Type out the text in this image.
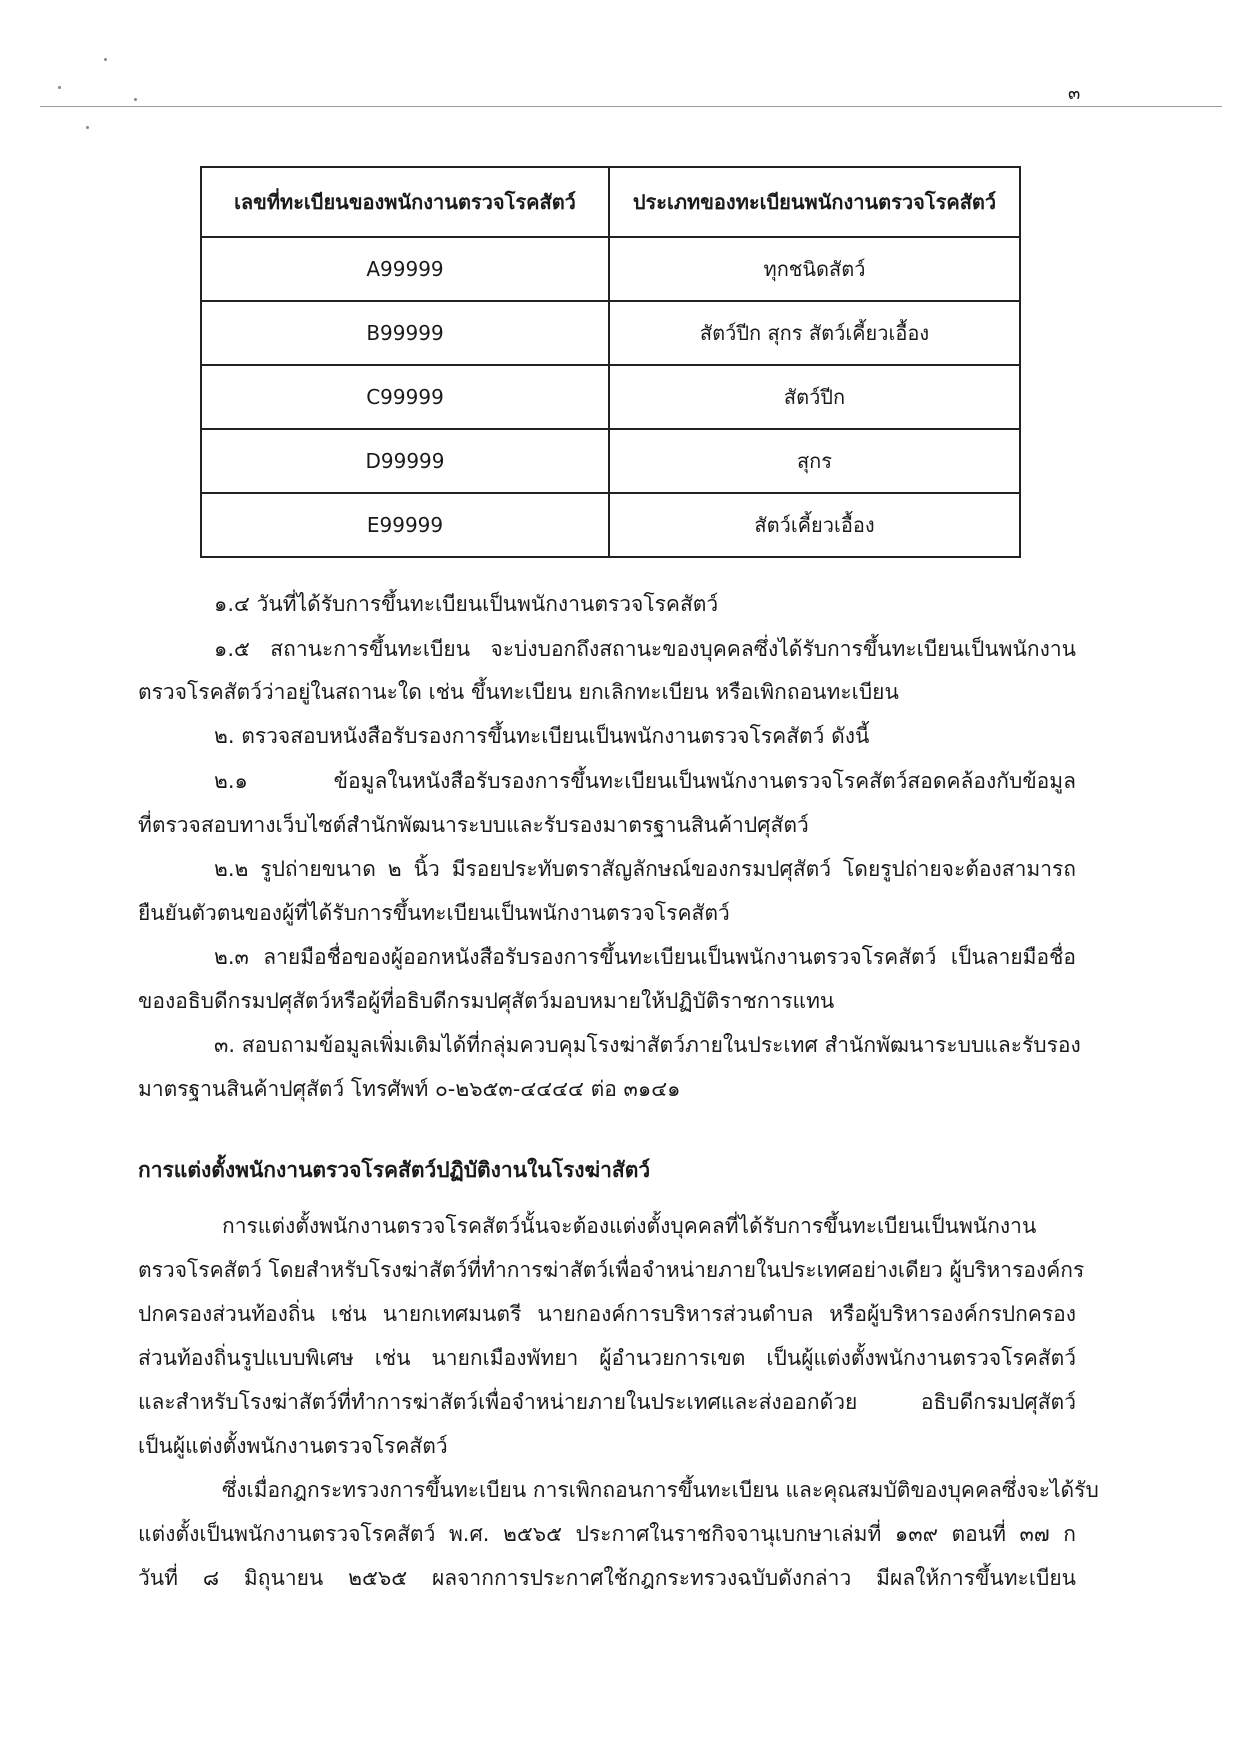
๓
เลขที่ทะเบียนของพนักงานตรวจโรคสัตว์	ประเภทของทะเบียนพนักงานตรวจโรคสัตว์
A99999	ทุกชนิดสัตว์
B99999	สัตว์ปีก สุกร สัตว์เคี้ยวเอื้อง
C99999	สัตว์ปีก
D99999	สุกร
E99999	สัตว์เคี้ยวเอื้อง

๑.๔ วันที่ได้รับการขึ้นทะเบียนเป็นพนักงานตรวจโรคสัตว์

๑.๕ สถานะการขึ้นทะเบียน จะบ่งบอกถึงสถานะของบุคคลซึ่งได้รับการขึ้นทะเบียนเป็นพนักงาน

ตรวจโรคสัตว์ว่าอยู่ในสถานะใด เช่น ขึ้นทะเบียน ยกเลิกทะเบียน หรือเพิกถอนทะเบียน

๒. ตรวจสอบหนังสือรับรองการขึ้นทะเบียนเป็นพนักงานตรวจโรคสัตว์ ดังนี้

๒.๑ ข้อมูลในหนังสือรับรองการขึ้นทะเบียนเป็นพนักงานตรวจโรคสัตว์สอดคล้องกับข้อมูล

ที่ตรวจสอบทางเว็บไซต์สำนักพัฒนาระบบและรับรองมาตรฐานสินค้าปศุสัตว์

๒.๒ รูปถ่ายขนาด ๒ นิ้ว มีรอยประทับตราสัญลักษณ์ของกรมปศุสัตว์ โดยรูปถ่ายจะต้องสามารถ

ยืนยันตัวตนของผู้ที่ได้รับการขึ้นทะเบียนเป็นพนักงานตรวจโรคสัตว์

๒.๓ ลายมือชื่อของผู้ออกหนังสือรับรองการขึ้นทะเบียนเป็นพนักงานตรวจโรคสัตว์ เป็นลายมือชื่อ

ของอธิบดีกรมปศุสัตว์หรือผู้ที่อธิบดีกรมปศุสัตว์มอบหมายให้ปฏิบัติราชการแทน

๓. สอบถามข้อมูลเพิ่มเติมได้ที่กลุ่มควบคุมโรงฆ่าสัตว์ภายในประเทศ สำนักพัฒนาระบบและรับรอง

มาตรฐานสินค้าปศุสัตว์ โทรศัพท์ ๐-๒๖๕๓-๔๔๔๔ ต่อ ๓๑๔๑

การแต่งตั้งพนักงานตรวจโรคสัตว์ปฏิบัติงานในโรงฆ่าสัตว์

การแต่งตั้งพนักงานตรวจโรคสัตว์นั้นจะต้องแต่งตั้งบุคคลที่ได้รับการขึ้นทะเบียนเป็นพนักงาน

ตรวจโรคสัตว์ โดยสำหรับโรงฆ่าสัตว์ที่ทำการฆ่าสัตว์เพื่อจำหน่ายภายในประเทศอย่างเดียว ผู้บริหารองค์กร

ปกครองส่วนท้องถิ่น เช่น นายกเทศมนตรี นายกองค์การบริหารส่วนตำบล หรือผู้บริหารองค์กรปกครอง

ส่วนท้องถิ่นรูปแบบพิเศษ เช่น นายกเมืองพัทยา ผู้อำนวยการเขต เป็นผู้แต่งตั้งพนักงานตรวจโรคสัตว์

และสำหรับโรงฆ่าสัตว์ที่ทำการฆ่าสัตว์เพื่อจำหน่ายภายในประเทศและส่งออกด้วย อธิบดีกรมปศุสัตว์

เป็นผู้แต่งตั้งพนักงานตรวจโรคสัตว์

ซึ่งเมื่อกฎกระทรวงการขึ้นทะเบียน การเพิกถอนการขึ้นทะเบียน และคุณสมบัติของบุคคลซึ่งจะได้รับ

แต่งตั้งเป็นพนักงานตรวจโรคสัตว์ พ.ศ. ๒๕๖๕ ประกาศในราชกิจจานุเบกษาเล่มที่ ๑๓๙ ตอนที่ ๓๗ ก

วันที่ ๘ มิถุนายน ๒๕๖๕ ผลจากการประกาศใช้กฎกระทรวงฉบับดังกล่าว มีผลให้การขึ้นทะเบียน
